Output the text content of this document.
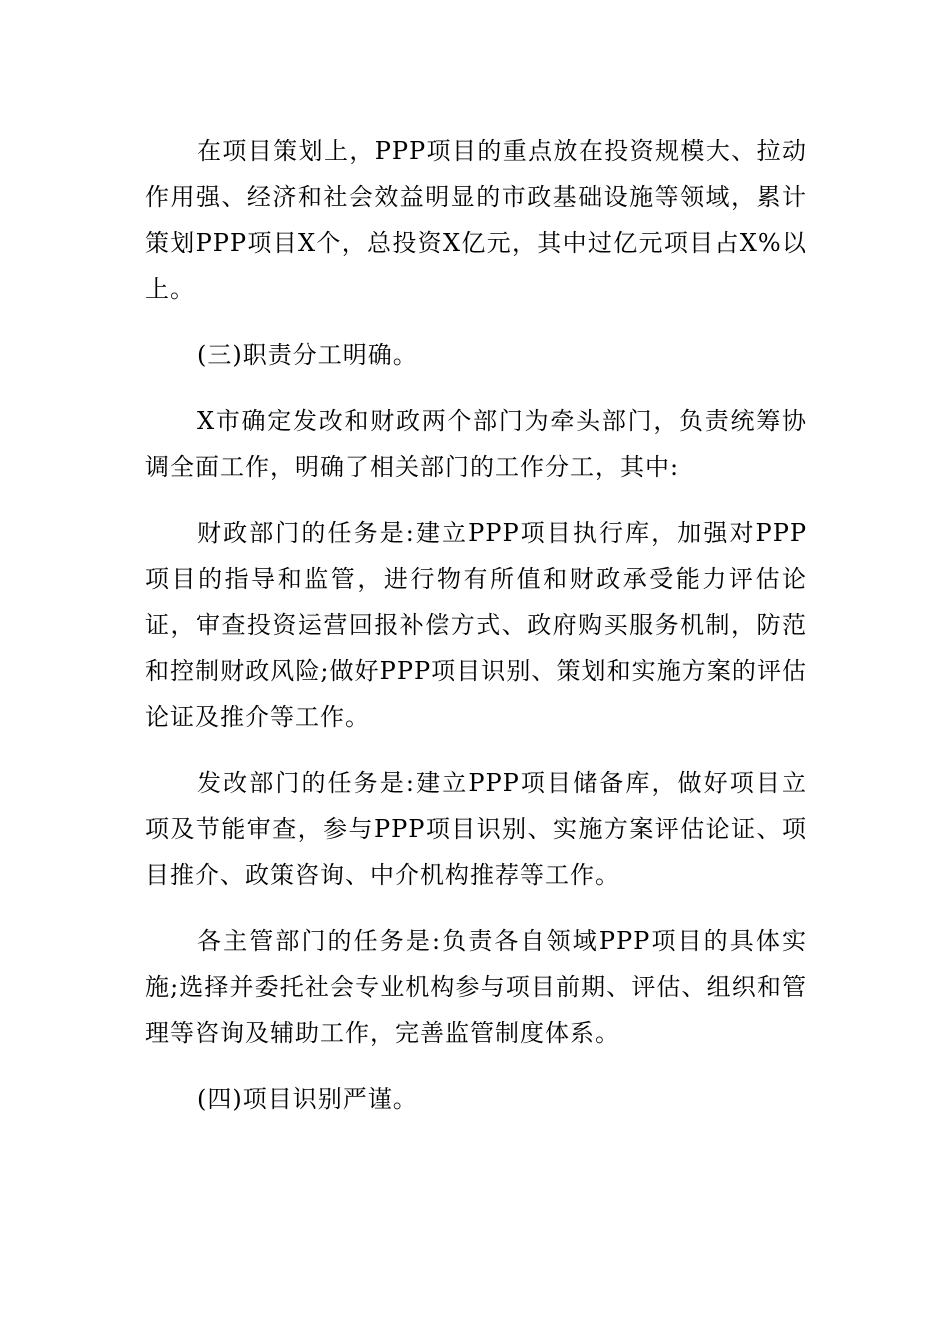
在项目策划上，PPP项目的重点放在投资规模大、拉动作用强、经济和社会效益明显的市政基础设施等领域，累计策划PPP项目X个，总投资X亿元，其中过亿元项目占X%以上。

(三)职责分工明确。

X市确定发改和财政两个部门为牵头部门，负责统筹协调全面工作，明确了相关部门的工作分工，其中:

财政部门的任务是:建立PPP项目执行库，加强对PPP项目的指导和监管，进行物有所值和财政承受能力评估论证，审查投资运营回报补偿方式、政府购买服务机制，防范和控制财政风险;做好PPP项目识别、策划和实施方案的评估论证及推介等工作。

发改部门的任务是:建立PPP项目储备库，做好项目立项及节能审查，参与PPP项目识别、实施方案评估论证、项目推介、政策咨询、中介机构推荐等工作。

各主管部门的任务是:负责各自领域PPP项目的具体实施;选择并委托社会专业机构参与项目前期、评估、组织和管理等咨询及辅助工作，完善监管制度体系。

(四)项目识别严谨。
